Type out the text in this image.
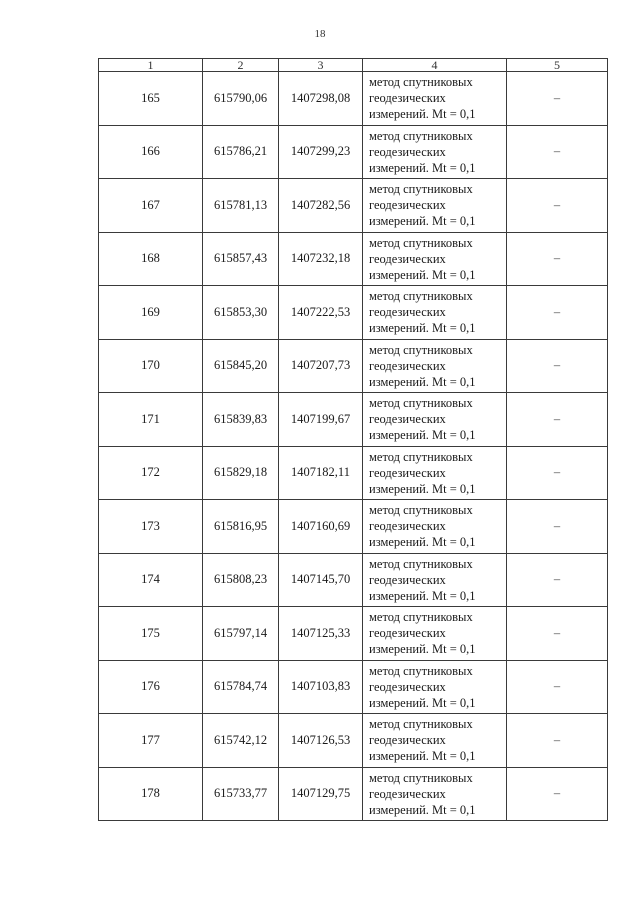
18
1	2	3	4	5
165	615790,06	1407298,08	метод спутниковых
геодезических
измерений. Mt = 0,1	–
166	615786,21	1407299,23	метод спутниковых
геодезических
измерений. Mt = 0,1	–
167	615781,13	1407282,56	метод спутниковых
геодезических
измерений. Mt = 0,1	–
168	615857,43	1407232,18	метод спутниковых
геодезических
измерений. Mt = 0,1	–
169	615853,30	1407222,53	метод спутниковых
геодезических
измерений. Mt = 0,1	–
170	615845,20	1407207,73	метод спутниковых
геодезических
измерений. Mt = 0,1	–
171	615839,83	1407199,67	метод спутниковых
геодезических
измерений. Mt = 0,1	–
172	615829,18	1407182,11	метод спутниковых
геодезических
измерений. Mt = 0,1	–
173	615816,95	1407160,69	метод спутниковых
геодезических
измерений. Mt = 0,1	–
174	615808,23	1407145,70	метод спутниковых
геодезических
измерений. Mt = 0,1	–
175	615797,14	1407125,33	метод спутниковых
геодезических
измерений. Mt = 0,1	–
176	615784,74	1407103,83	метод спутниковых
геодезических
измерений. Mt = 0,1	–
177	615742,12	1407126,53	метод спутниковых
геодезических
измерений. Mt = 0,1	–
178	615733,77	1407129,75	метод спутниковых
геодезических
измерений. Mt = 0,1	–
